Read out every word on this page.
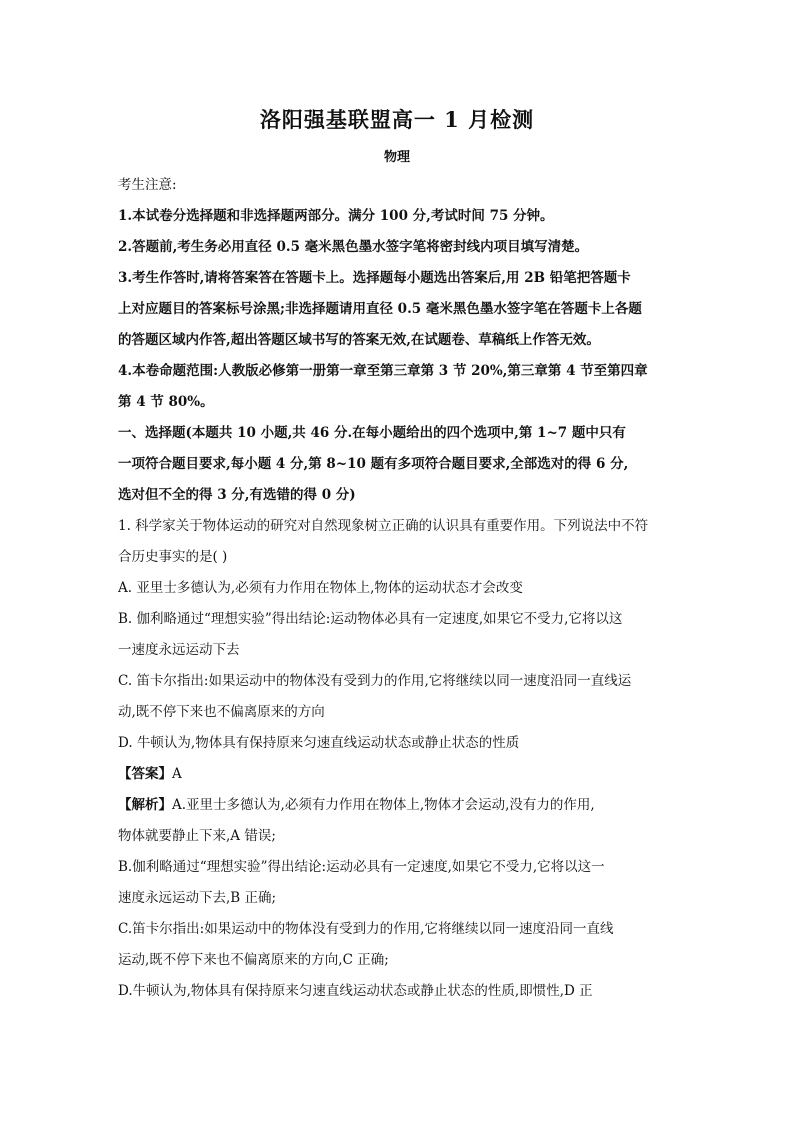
洛阳强基联盟高一 1 月检测
物理
考生注意:
1.本试卷分选择题和非选择题两部分。满分 100 分,考试时间 75 分钟。
2.答题前,考生务必用直径 0.5 毫米黑色墨水签字笔将密封线内项目填写清楚。
3.考生作答时,请将答案答在答题卡上。选择题每小题选出答案后,用 2B 铅笔把答题卡
上对应题目的答案标号涂黑;非选择题请用直径 0.5 毫米黑色墨水签字笔在答题卡上各题
的答题区域内作答,超出答题区域书写的答案无效,在试题卷、草稿纸上作答无效。
4.本卷命题范围:人教版必修第一册第一章至第三章第 3 节 20%,第三章第 4 节至第四章
第 4 节 80%。
一、选择题(本题共 10 小题,共 46 分.在每小题给出的四个选项中,第 1~7 题中只有
一项符合题目要求,每小题 4 分,第 8~10 题有多项符合题目要求,全部选对的得 6 分,
选对但不全的得 3 分,有选错的得 0 分)
1. 科学家关于物体运动的研究对自然现象树立正确的认识具有重要作用。下列说法中不符
合历史事实的是( )
A. 亚里士多德认为,必须有力作用在物体上,物体的运动状态才会改变
B. 伽利略通过“理想实验”得出结论:运动物体必具有一定速度,如果它不受力,它将以这
一速度永远运动下去
C. 笛卡尔指出:如果运动中的物体没有受到力的作用,它将继续以同一速度沿同一直线运
动,既不停下来也不偏离原来的方向
D. 牛顿认为,物体具有保持原来匀速直线运动状态或静止状态的性质
【答案】A
【解析】A.亚里士多德认为,必须有力作用在物体上,物体才会运动,没有力的作用,
物体就要静止下来,A 错误;
B.伽利略通过“理想实验”得出结论:运动必具有一定速度,如果它不受力,它将以这一
速度永远运动下去,B 正确;
C.笛卡尔指出:如果运动中的物体没有受到力的作用,它将继续以同一速度沿同一直线
运动,既不停下来也不偏离原来的方向,C 正确;
D.牛顿认为,物体具有保持原来匀速直线运动状态或静止状态的性质,即惯性,D 正
